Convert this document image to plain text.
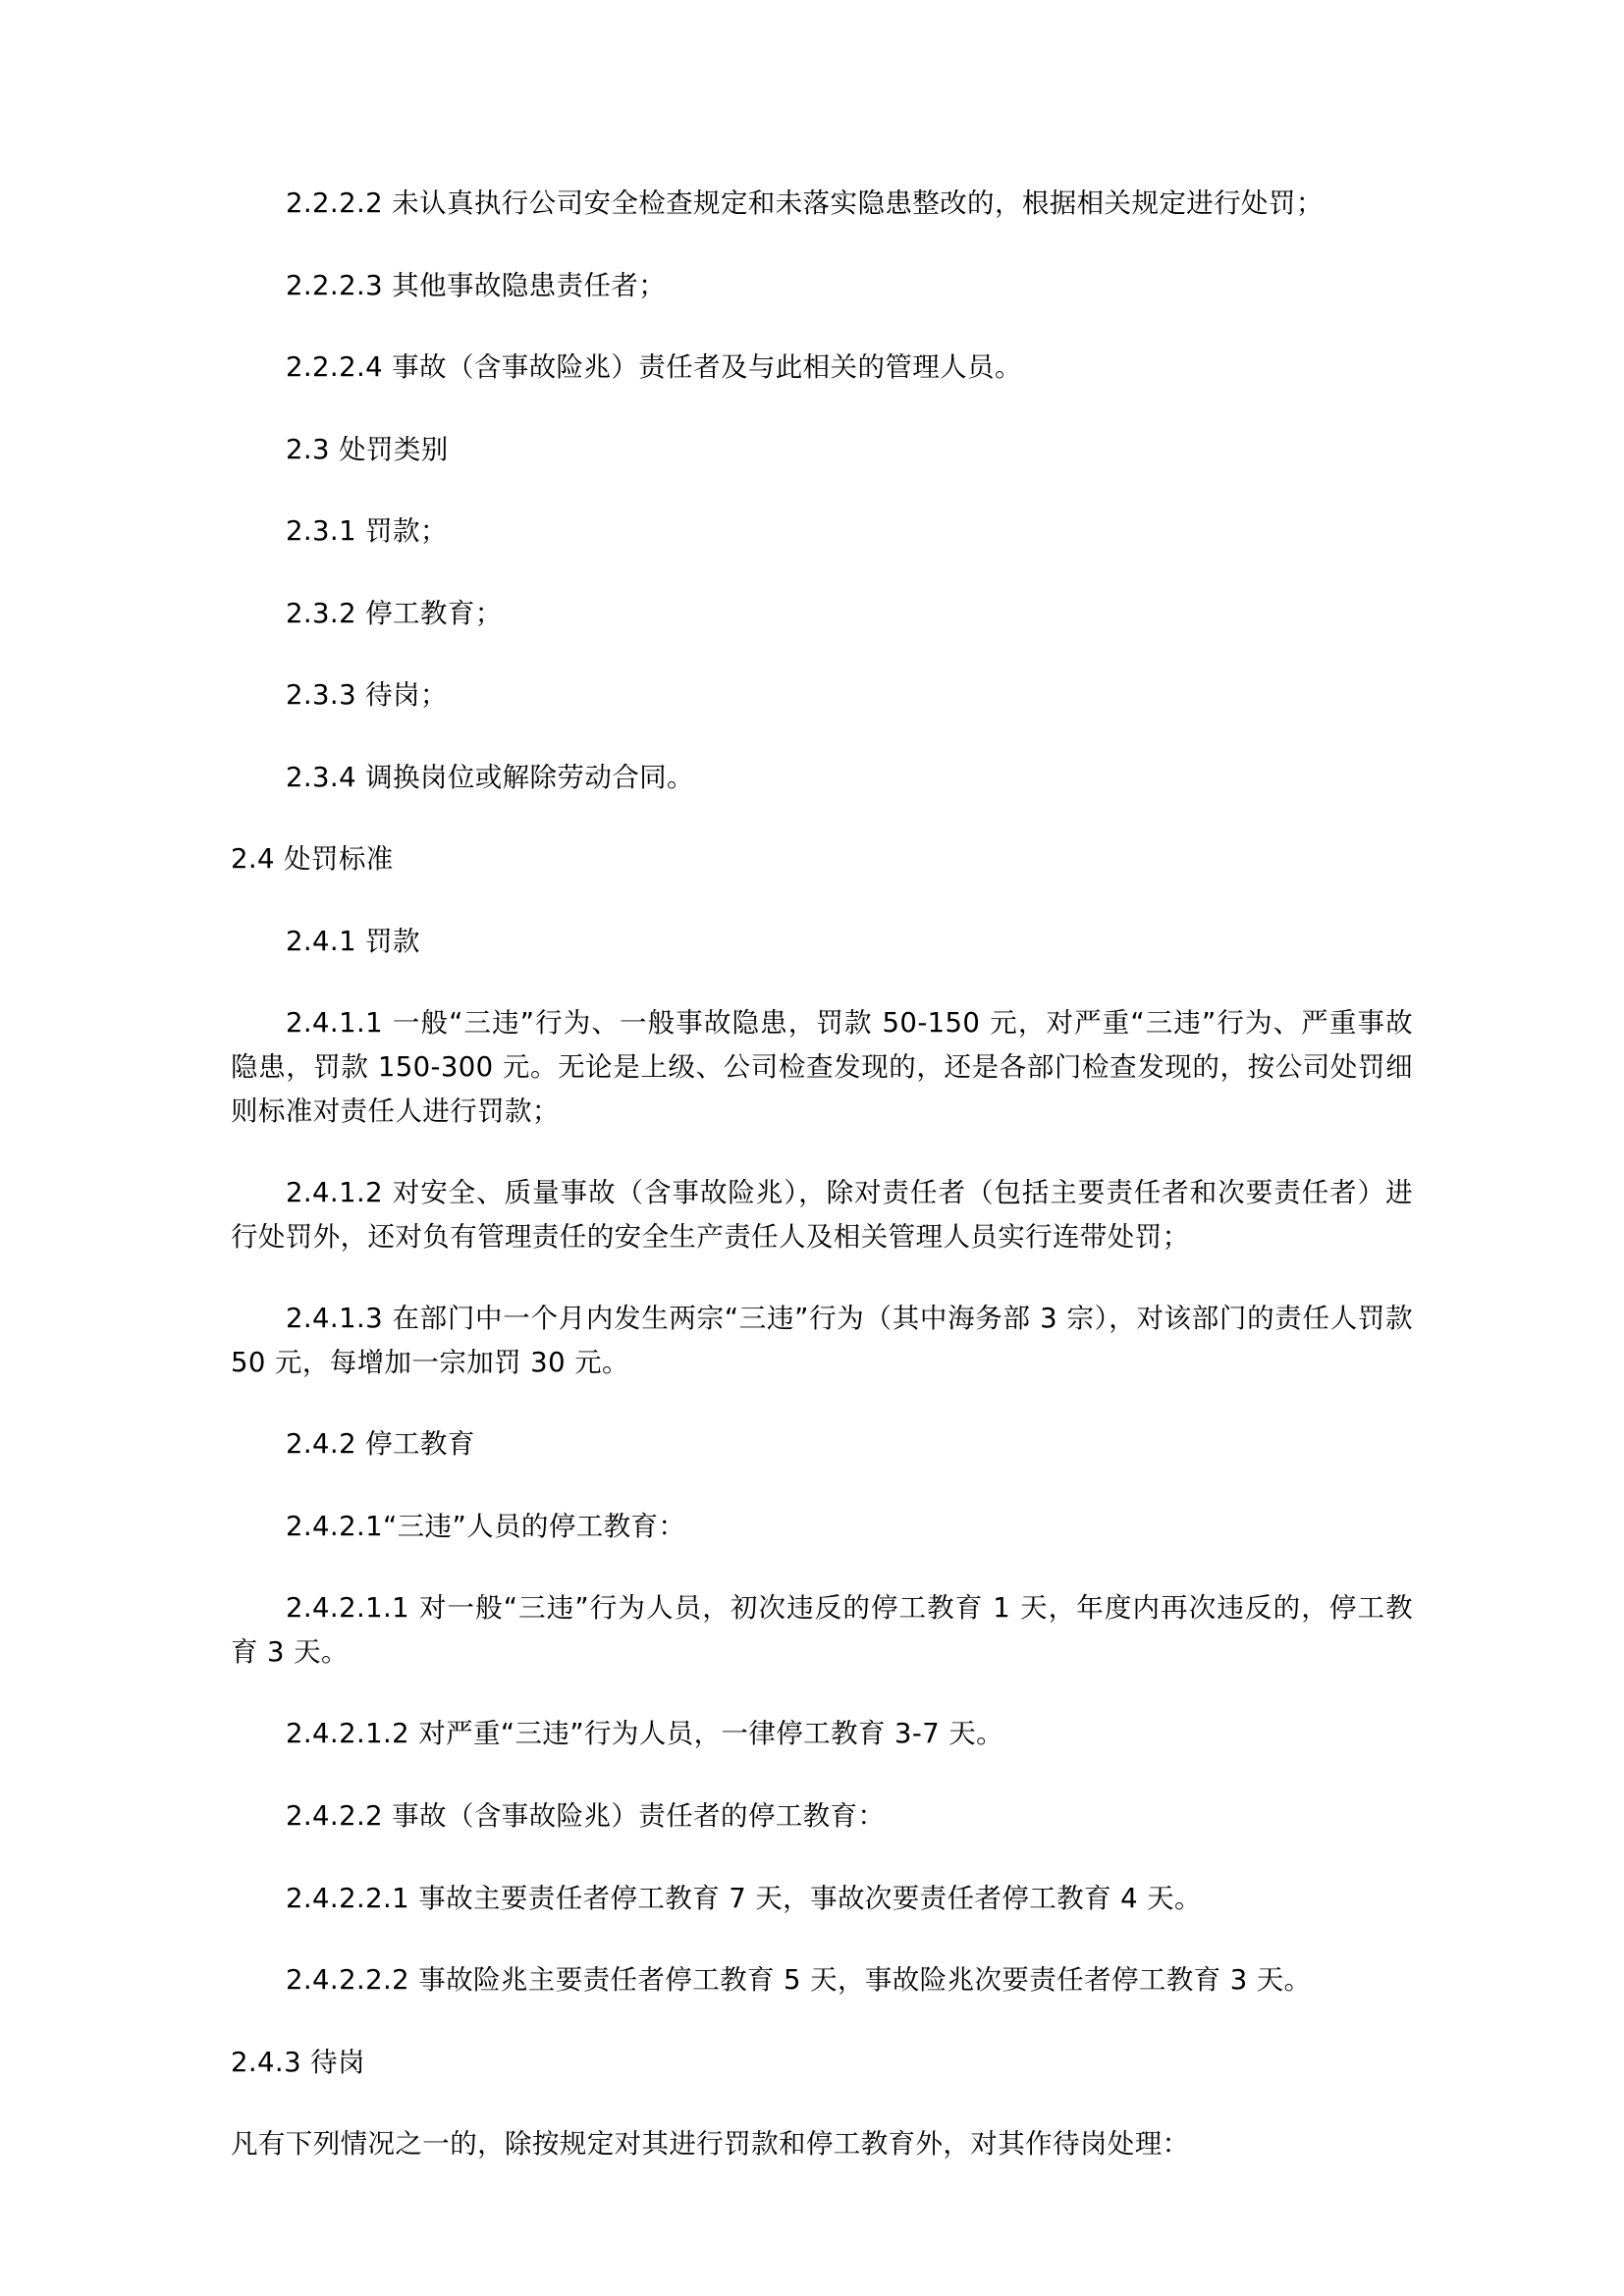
2.2.2.2 未认真执行公司安全检查规定和未落实隐患整改的，根据相关规定进行处罚；

2.2.2.3 其他事故隐患责任者；

2.2.2.4 事故（含事故险兆）责任者及与此相关的管理人员。

2.3 处罚类别

2.3.1 罚款；

2.3.2 停工教育；

2.3.3 待岗；

2.3.4 调换岗位或解除劳动合同。

2.4 处罚标准

2.4.1 罚款

2.4.1.1 一般“三违”行为、一般事故隐患，罚款 50-150 元，对严重“三违”行为、严重事故隐患，罚款 150-300 元。无论是上级、公司检查发现的，还是各部门检查发现的，按公司处罚细则标准对责任人进行罚款；

2.4.1.2 对安全、质量事故（含事故险兆），除对责任者（包括主要责任者和次要责任者）进行处罚外，还对负有管理责任的安全生产责任人及相关管理人员实行连带处罚；

2.4.1.3 在部门中一个月内发生两宗“三违”行为（其中海务部 3 宗），对该部门的责任人罚款 50 元，每增加一宗加罚 30 元。

2.4.2 停工教育

2.4.2.1“三违”人员的停工教育：

2.4.2.1.1 对一般“三违”行为人员，初次违反的停工教育 1 天，年度内再次违反的，停工教育 3 天。

2.4.2.1.2 对严重“三违”行为人员，一律停工教育 3-7 天。

2.4.2.2 事故（含事故险兆）责任者的停工教育：

2.4.2.2.1 事故主要责任者停工教育 7 天，事故次要责任者停工教育 4 天。

2.4.2.2.2 事故险兆主要责任者停工教育 5 天，事故险兆次要责任者停工教育 3 天。

2.4.3 待岗

凡有下列情况之一的，除按规定对其进行罚款和停工教育外，对其作待岗处理：
